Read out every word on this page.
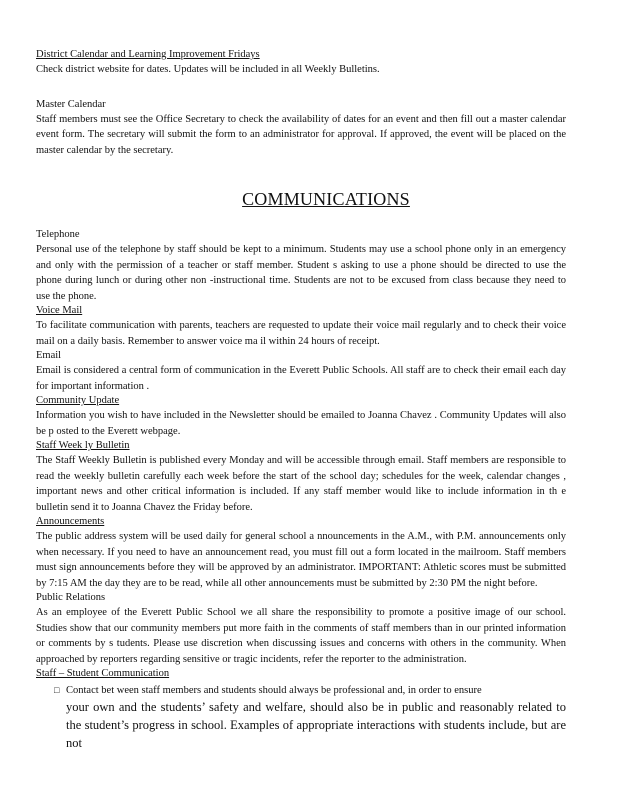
District Calendar and Learning Improvement Fridays

Check district website for dates. Updates will be included in all Weekly Bulletins.

Master Calendar

Staff members must see the Office Secretary to check the availability of dates for an event and then fill out a master calendar event form. The secretary will submit the form to an administrator for approval. If approved, the event will be placed on the master calendar by the secretary.

COMMUNICATIONS

Telephone

Personal use of the telephone by staff should be kept to a minimum. Students may use a school phone only in an emergency and only with the permission of a teacher or staff member. Student s asking to use a phone should be directed to use the phone during lunch or during other non -instructional time. Students are not to be excused from class because they need to use the phone.

Voice Mail

To facilitate communication with parents, teachers are requested to update their voice mail regularly and to check their voice mail on a daily basis. Remember to answer voice ma il within 24 hours of receipt.

Email

Email is considered a central form of communication in the Everett Public Schools. All staff are to check their email each day for important information .

Community Update

Information you wish to have included in the Newsletter should be emailed to Joanna Chavez . Community Updates will also be p osted to the Everett webpage.

Staff Week ly Bulletin

The Staff Weekly Bulletin is published every Monday and will be accessible through email. Staff members are responsible to read the weekly bulletin carefully each week before the start of the school day; schedules for the week, calendar changes , important news and other critical information is included. If any staff member would like to include information in th e bulletin send it to Joanna Chavez the Friday before.

Announcements

The public address system will be used daily for general school a nnouncements in the A.M., with P.M. announcements only when necessary. If you need to have an announcement read, you must fill out a form located in the mailroom. Staff members must sign announcements before they will be approved by an administrator. IMPORTANT: Athletic scores must be submitted by 7:15 AM the day they are to be read, while all other announcements must be submitted by 2:30 PM the night before.

Public Relations

As an employee of the Everett Public School we all share the responsibility to promote a positive image of our school. Studies show that our community members put more faith in the comments of staff members than in our printed information or comments by s tudents. Please use discretion when discussing issues and concerns with others in the community. When approached by reporters regarding sensitive or tragic incidents, refer the reporter to the administration.

Staff – Student Communication

□ Contact bet ween staff members and students should always be professional and, in order to ensure

your own and the students’ safety and welfare, should also be in public and reasonably related to the student’s progress in school. Examples of appropriate interactions with students include, but are not
